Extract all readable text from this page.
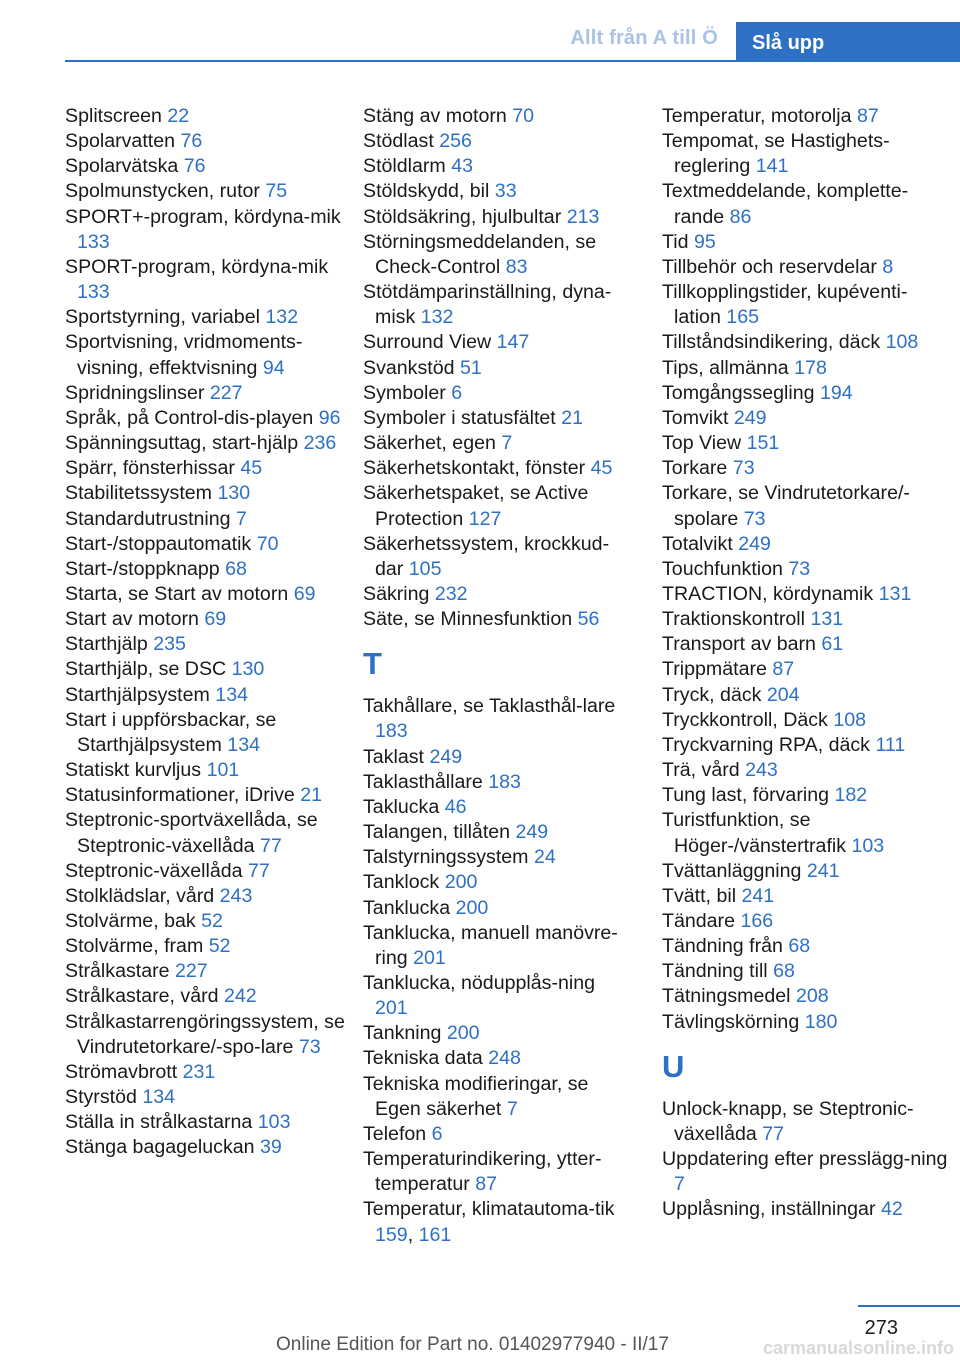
Allt från A till Ö	Slå upp
Splitscreen 22
Spolarvatten 76
Spolarvätska 76
Spolmunstycken, rutor 75
SPORT+-program, kördyna-mik 133
SPORT-program, kördyna-mik 133
Sportstyrning, variabel 132
Sportvisning, vridmoments-visning, effektvisning 94
Spridningslinser 227
Språk, på Control-dis-playen 96
Spänningsuttag, start-hjälp 236
Spärr, fönsterhissar 45
Stabilitetssystem 130
Standardutrustning 7
Start-/stoppautomatik 70
Start-/stoppknapp 68
Starta, se Start av motorn 69
Start av motorn 69
Starthjälp 235
Starthjälp, se DSC 130
Starthjälpsystem 134
Start i uppförsbackar, se Starthjälpsystem 134
Statiskt kurvljus 101
Statusinformationer, iDrive 21
Steptronic-sportväxellåda, se Steptronic-växellåda 77
Steptronic-växellåda 77
Stolklädslar, vård 243
Stolvärme, bak 52
Stolvärme, fram 52
Strålkastare 227
Strålkastare, vård 242
Strålkastarrengöringssystem, se Vindrutetorkare/-spo-lare 73
Strömavbrott 231
Styrstöd 134
Ställa in strålkastarna 103
Stänga bagageluckan 39
Stäng av motorn 70
Stödlast 256
Stöldlarm 43
Stöldskydd, bil 33
Stöldsäkring, hjulbultar 213
Störningsmeddelanden, se Check-Control 83
Stötdämparinställning, dyna-misk 132
Surround View 147
Svankstöd 51
Symboler 6
Symboler i statusfältet 21
Säkerhet, egen 7
Säkerhetskontakt, fönster 45
Säkerhetspaket, se Active Protection 127
Säkerhetssystem, krockkud-dar 105
Säkring 232
Säte, se Minnesfunktion 56
T
Takhållare, se Taklasthål-lare 183
Taklast 249
Taklasthållare 183
Taklucka 46
Talangen, tillåten 249
Talstyrningssystem 24
Tanklock 200
Tanklucka 200
Tanklucka, manuell manövre-ring 201
Tanklucka, nödupplås-ning 201
Tankning 200
Tekniska data 248
Tekniska modifieringar, se Egen säkerhet 7
Telefon 6
Temperaturindikering, ytter-temperatur 87
Temperatur, klimatautoma-tik 159, 161
Temperatur, motorolja 87
Tempomat, se Hastighets-reglering 141
Textmeddelande, komplette-rande 86
Tid 95
Tillbehör och reservdelar 8
Tillkopplingstider, kupéventi-lation 165
Tillståndsindikering, däck 108
Tips, allmänna 178
Tomgångssegling 194
Tomvikt 249
Top View 151
Torkare 73
Torkare, se Vindrutetorkare/-spolare 73
Totalvikt 249
Touchfunktion 73
TRACTION, kördynamik 131
Traktionskontroll 131
Transport av barn 61
Trippmätare 87
Tryck, däck 204
Tryckkontroll, Däck 108
Tryckvarning RPA, däck 111
Trä, vård 243
Tung last, förvaring 182
Turistfunktion, se Höger-/vänstertrafik 103
Tvättanläggning 241
Tvätt, bil 241
Tändare 166
Tändning från 68
Tändning till 68
Tätningsmedel 208
Tävlingskörning 180
U
Unlock-knapp, se Steptronic-växellåda 77
Uppdatering efter presslägg-ning 7
Upplåsning, inställningar 42
273
Online Edition for Part no. 01402977940 - II/17	carmanualsonline.info
